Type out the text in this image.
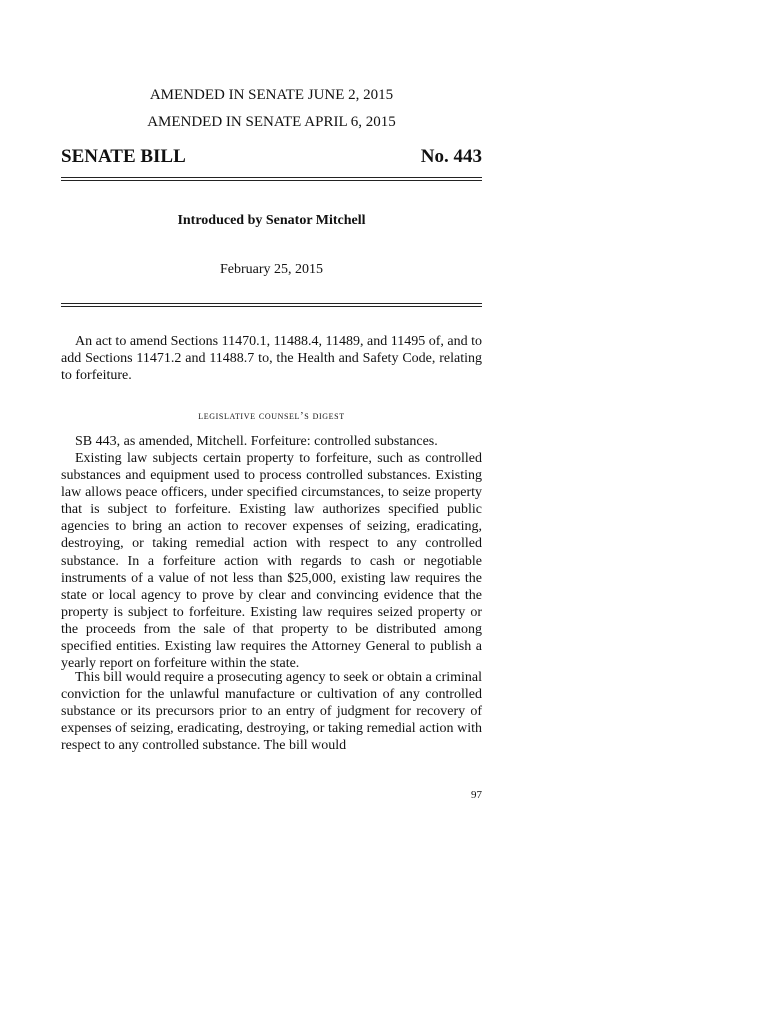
AMENDED IN SENATE JUNE 2, 2015
AMENDED IN SENATE APRIL 6, 2015
SENATE BILL	No. 443
Introduced by Senator Mitchell
February 25, 2015

An act to amend Sections 11470.1, 11488.4, 11489, and 11495 of, and to add Sections 11471.2 and 11488.7 to, the Health and Safety Code, relating to forfeiture.

legislative counsel’s digest

SB 443, as amended, Mitchell. Forfeiture: controlled substances.

Existing law subjects certain property to forfeiture, such as controlled substances and equipment used to process controlled substances. Existing law allows peace officers, under specified circumstances, to seize property that is subject to forfeiture. Existing law authorizes specified public agencies to bring an action to recover expenses of seizing, eradicating, destroying, or taking remedial action with respect to any controlled substance. In a forfeiture action with regards to cash or negotiable instruments of a value of not less than $25,000, existing law requires the state or local agency to prove by clear and convincing evidence that the property is subject to forfeiture. Existing law requires seized property or the proceeds from the sale of that property to be distributed among specified entities. Existing law requires the Attorney General to publish a yearly report on forfeiture within the state.

This bill would require a prosecuting agency to seek or obtain a criminal conviction for the unlawful manufacture or cultivation of any controlled substance or its precursors prior to an entry of judgment for recovery of expenses of seizing, eradicating, destroying, or taking remedial action with respect to any controlled substance. The bill would

97
